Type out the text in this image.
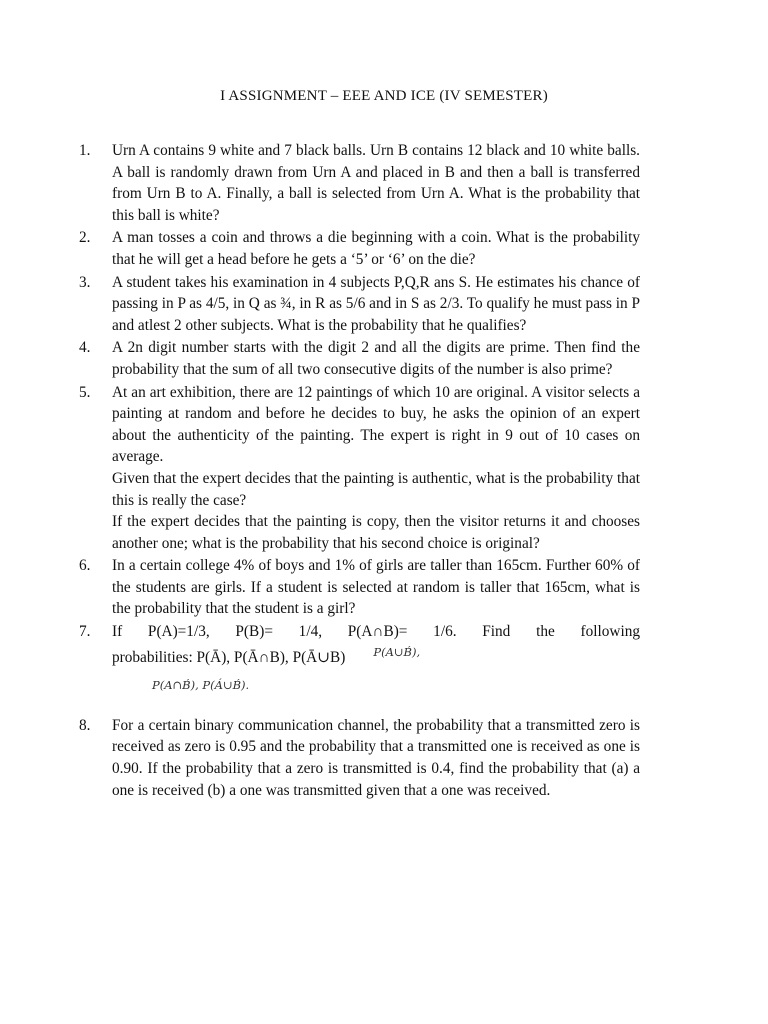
I ASSIGNMENT – EEE AND ICE (IV SEMESTER)
1 .	Urn A contains 9 white and 7 black balls. Urn B contains 12 black and 10 white balls. A ball is randomly drawn from Urn A and placed in B and then a ball is transferred from Urn B to A. Finally, a ball is selected from Urn A. What is the probability that this ball is white?
2 .	A man tosses a coin and throws a die beginning with a coin. What is the probability that he will get a head before he gets a ‘5’ or ‘6’ on the die?
3 .	A student takes his examination in 4 subjects P,Q,R ans S. He estimates his chance of passing in P as 4/5, in Q as ¾, in R as 5/6 and in S as 2/3. To qualify he must pass in P and atlest 2 other subjects. What is the probability that he qualifies?
4 .	A 2n digit number starts with the digit 2 and all the digits are prime. Then find the probability that the sum of all two consecutive digits of the number is also prime?
5 .	At an art exhibition, there are 12 paintings of which 10 are original. A visitor selects a painting at random and before he decides to buy, he asks the opinion of an expert about the authenticity of the painting. The expert is right in 9 out of 10 cases on average.
Given that the expert decides that the painting is authentic, what is the probability that this is really the case?
If the expert decides that the painting is copy, then the visitor returns it and chooses another one; what is the probability that his second choice is original?
6 .	In a certain college 4% of boys and 1% of girls are taller than 165cm. Further 60% of the students are girls. If a student is selected at random is taller that 165cm, what is the probability that the student is a girl?
7 .	If P(A)=1/3, P(B)= 1/4, P(A∩B)= 1/6. Find the following
probabilities: P(Ā), P(Ā∩B), P(Ā∪B) $^{P(A\cup B́),}$
P(A∩B́), P(Á∪B́).
8 .	For a certain binary communication channel, the probability that a transmitted zero is received as zero is 0.95 and the probability that a transmitted one is received as one is 0.90. If the probability that a zero is transmitted is 0.4, find the probability that (a) a one is received (b) a one was transmitted given that a one was received.
